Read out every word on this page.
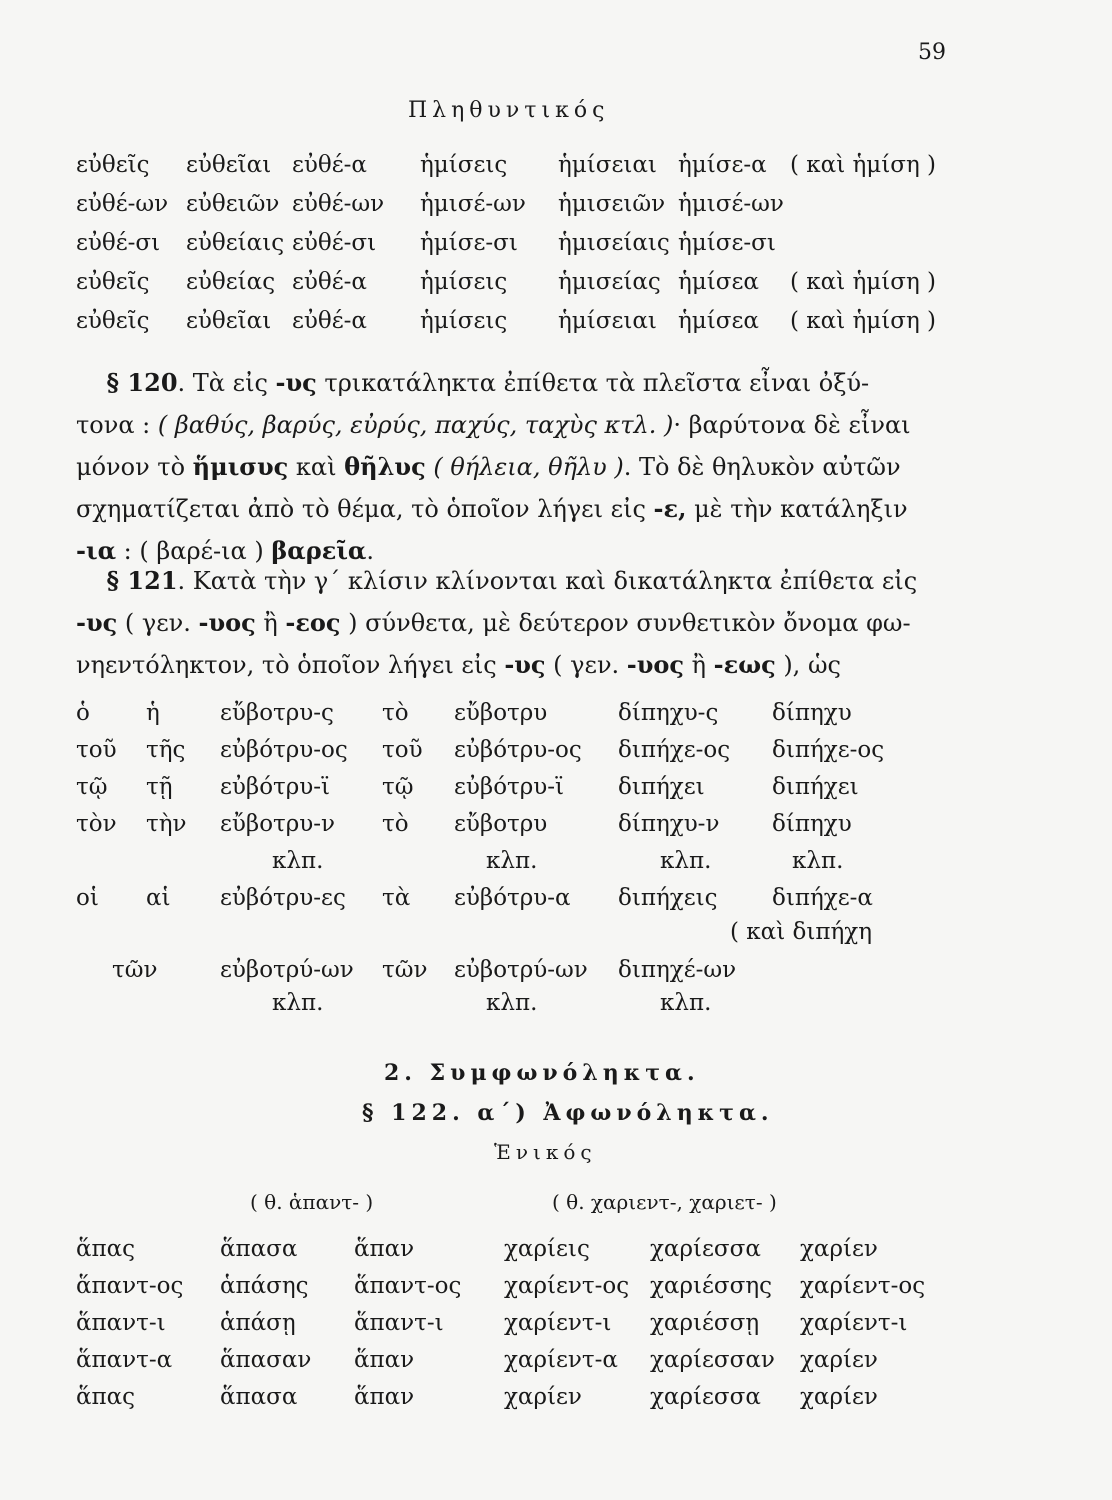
59
Πληθυντικός
εὐθεῖς εὐθεῖαι εὐθέ-α ἡμίσεις ἡμίσειαι ἡμίσε-α ( καὶ ἡμίση )
εὐθέ-ων εὐθειῶν εὐθέ-ων ἡμισέ-ων ἡμισειῶν ἡμισέ-ων
εὐθέ-σι εὐθείαις εὐθέ-σι ἡμίσε-σι ἡμισείαις ἡμίσε-σι
εὐθεῖς εὐθείας εὐθέ-α ἡμίσεις ἡμισείας ἡμίσεα ( καὶ ἡμίση )
εὐθεῖς εὐθεῖαι εὐθέ-α ἡμίσεις ἡμίσειαι ἡμίσεα ( καὶ ἡμίση )
§ 120. Τὰ εἰς -υς τρικατάληκτα ἐπίθετα τὰ πλεῖστα εἶναι ὀξύ-
τονα : ( βαθύς, βαρύς, εὐρύς, παχύς, ταχὺς κτλ. )· βαρύτονα δὲ εἶναι
μόνον τὸ ἥμισυς καὶ θῆλυς ( θήλεια, θῆλυ ). Τὸ δὲ θηλυκὸν αὐτῶν
σχηματίζεται ἀπὸ τὸ θέμα, τὸ ὁποῖον λήγει εἰς -ε, μὲ τὴν κατάληξιν
-ια : ( βαρέ-ια ) βαρεῖα.
§ 121. Κατὰ τὴν γ΄ κλίσιν κλίνονται καὶ δικατάληκτα ἐπίθετα εἰς
-υς ( γεν. -υος ἢ -εος ) σύνθετα, μὲ δεύτερον συνθετικὸν ὄνομα φω-
νηεντόληκτον, τὸ ὁποῖον λήγει εἰς -υς ( γεν. -υος ἢ -εως ), ὡς
ὁ ἡ	εὔβοτρυ-ς τὸ εὔβοτρυ	δίπηχυ-ς δίπηχυ
τοῦ τῆς εὐβότρυ-ος τοῦ εὐβότρυ-ος διπήχε-ος διπήχε-ος
τῷ τῇ εὐβότρυ-ϊ τῷ εὐβότρυ-ϊ διπήχει	διπήχει
τὸν τὴν εὔβοτρυ-ν τὸ εὔβοτρυ	δίπηχυ-ν δίπηχυ
κλπ.	κλπ.	κλπ.	κλπ.
οἱ αἱ εὐβότρυ-ες τὰ εὐβότρυ-α διπήχεις διπήχε-α
( καὶ διπήχη
τῶν	εὐβοτρύ-ων τῶν εὐβοτρύ-ων διπηχέ-ων
κλπ.	κλπ.	κλπ.
2. Συμφωνόληκτα.
§ 122. α΄) Ἀφωνόληκτα.
Ἑνικός
( θ. ἁπαντ- )	( θ. χαριεντ-, χαριετ- )
ἅπας	ἅπασα ἅπαν	χαρίεις	χαρίεσσα χαρίεν
ἅπαντ-ος ἁπάσης ἅπαντ-ος χαρίεντ-ος χαριέσσης χαρίεντ-ος
ἅπαντ-ι ἁπάσῃ	ἅπαντ-ι	χαρίεντ-ι χαριέσσῃ χαρίεντ-ι
ἅπαντ-α ἅπασαν ἅπαν	χαρίεντ-α χαρίεσσαν χαρίεν
ἅπας	ἅπασα ἅπαν	χαρίεν	χαρίεσσα χαρίεν
